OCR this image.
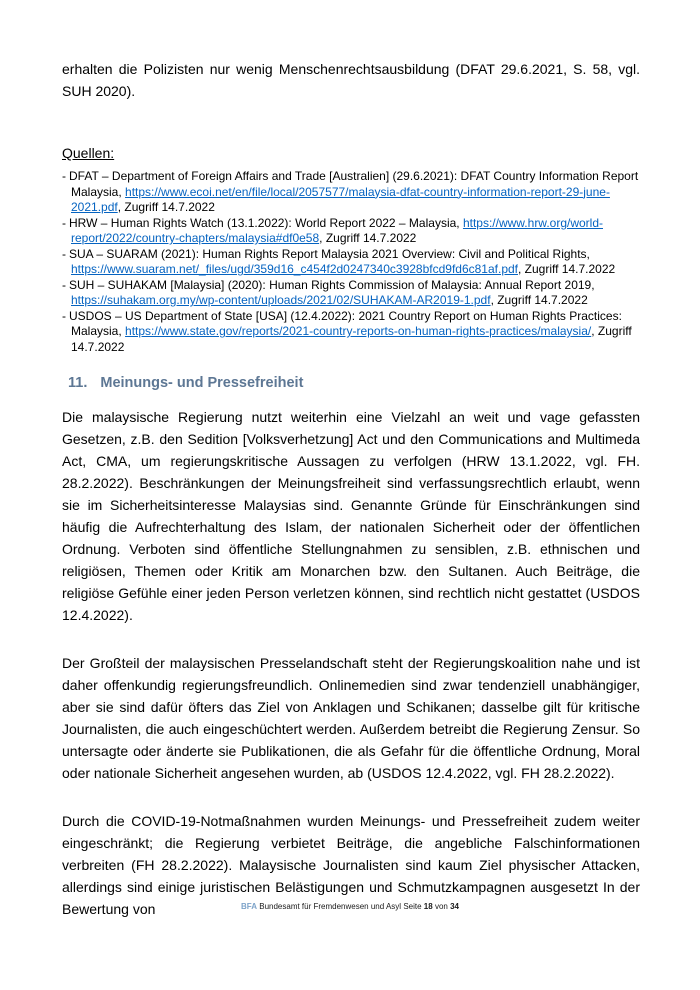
erhalten die Polizisten nur wenig Menschenrechtsausbildung (DFAT 29.6.2021, S. 58, vgl. SUH 2020).

Quellen:
- DFAT – Department of Foreign Affairs and Trade [Australien] (29.6.2021): DFAT Country Information Report Malaysia, https://www.ecoi.net/en/file/local/2057577/malaysia-dfat-country-information-report-29-june-2021.pdf, Zugriff 14.7.2022
- HRW – Human Rights Watch (13.1.2022): World Report 2022 – Malaysia, https://www.hrw.org/world-report/2022/country-chapters/malaysia#df0e58, Zugriff 14.7.2022
- SUA – SUARAM (2021): Human Rights Report Malaysia 2021 Overview: Civil and Political Rights, https://www.suaram.net/_files/ugd/359d16_c454f2d0247340c3928bfcd9fd6c81af.pdf, Zugriff 14.7.2022
- SUH – SUHAKAM [Malaysia] (2020): Human Rights Commission of Malaysia: Annual Report 2019, https://suhakam.org.my/wp-content/uploads/2021/02/SUHAKAM-AR2019-1.pdf, Zugriff 14.7.2022
- USDOS – US Department of State [USA] (12.4.2022): 2021 Country Report on Human Rights Practices: Malaysia, https://www.state.gov/reports/2021-country-reports-on-human-rights-practices/malaysia/, Zugriff 14.7.2022
11. Meinungs- und Pressefreiheit

Die malaysische Regierung nutzt weiterhin eine Vielzahl an weit und vage gefassten Gesetzen, z.B. den Sedition [Volksverhetzung] Act und den Communications and Multimeda Act, CMA, um regierungskritische Aussagen zu verfolgen (HRW 13.1.2022, vgl. FH. 28.2.2022). Beschränkungen der Meinungsfreiheit sind verfassungsrechtlich erlaubt, wenn sie im Sicherheitsinteresse Malaysias sind. Genannte Gründe für Einschränkungen sind häufig die Aufrechterhaltung des Islam, der nationalen Sicherheit oder der öffentlichen Ordnung. Verboten sind öffentliche Stellungnahmen zu sensiblen, z.B. ethnischen und religiösen, Themen oder Kritik am Monarchen bzw. den Sultanen. Auch Beiträge, die religiöse Gefühle einer jeden Person verletzen können, sind rechtlich nicht gestattet (USDOS 12.4.2022).

Der Großteil der malaysischen Presselandschaft steht der Regierungskoalition nahe und ist daher offenkundig regierungsfreundlich. Onlinemedien sind zwar tendenziell unabhängiger, aber sie sind dafür öfters das Ziel von Anklagen und Schikanen; dasselbe gilt für kritische Journalisten, die auch eingeschüchtert werden. Außerdem betreibt die Regierung Zensur. So untersagte oder änderte sie Publikationen, die als Gefahr für die öffentliche Ordnung, Moral oder nationale Sicherheit angesehen wurden, ab (USDOS 12.4.2022, vgl. FH 28.2.2022).

Durch die COVID-19-Notmaßnahmen wurden Meinungs- und Pressefreiheit zudem weiter eingeschränkt; die Regierung verbietet Beiträge, die angebliche Falschinformationen verbreiten (FH 28.2.2022). Malaysische Journalisten sind kaum Ziel physischer Attacken, allerdings sind einige juristischen Belästigungen und Schmutzkampagnen ausgesetzt In der Bewertung von	BFA Bundesamt für Fremdenwesen und Asyl Seite 18 von 34
